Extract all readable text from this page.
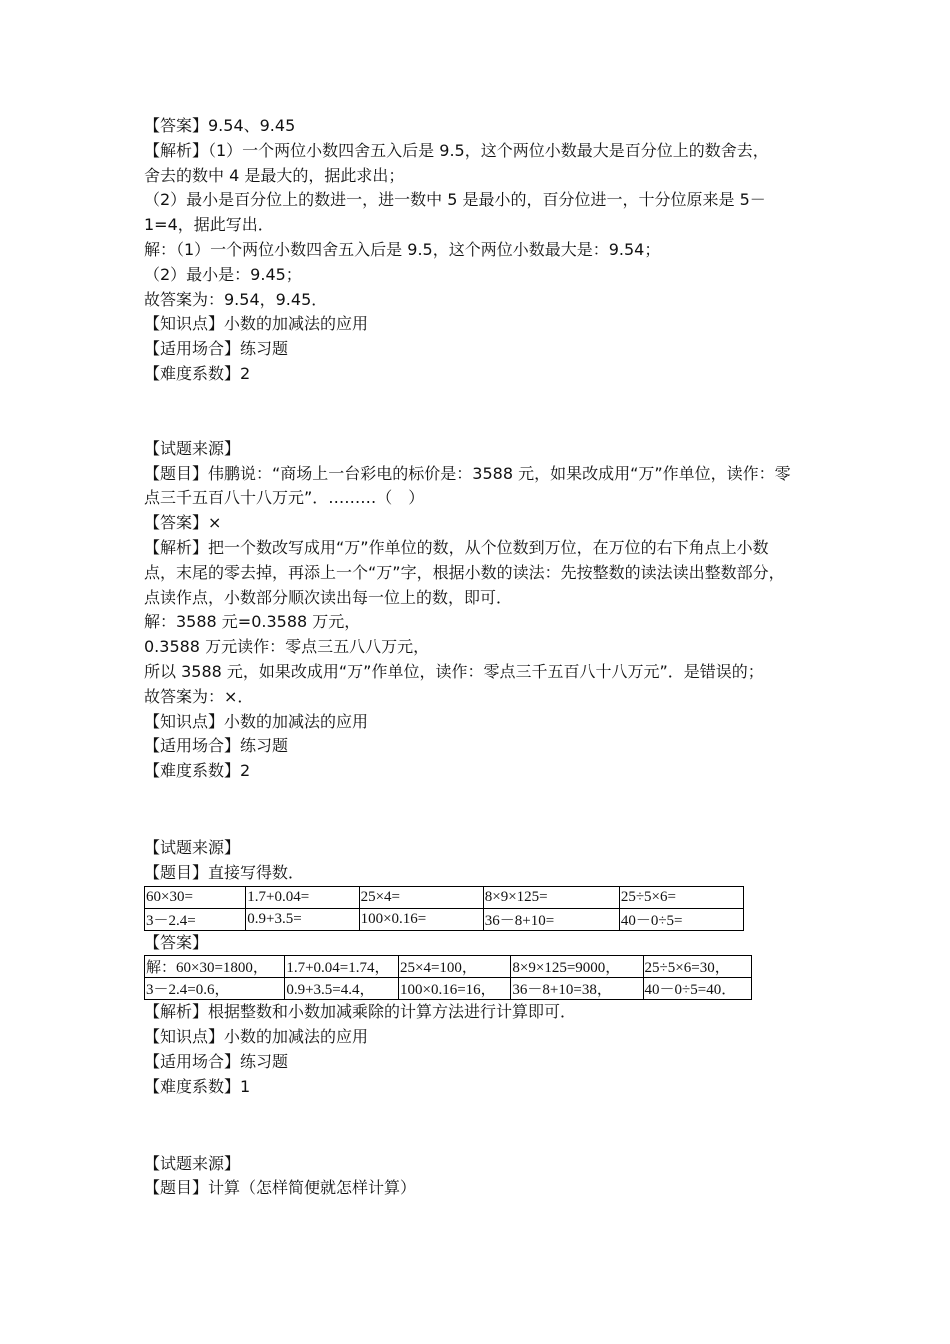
【答案】9.54、9.45
【解析】（1）一个两位小数四舍五入后是 9.5，这个两位小数最大是百分位上的数舍去，
舍去的数中 4 是最大的，据此求出；
（2）最小是百分位上的数进一，进一数中 5 是最小的，百分位进一，十分位原来是 5－
1=4，据此写出．
解：（1）一个两位小数四舍五入后是 9.5，这个两位小数最大是：9.54；
（2）最小是：9.45；
故答案为：9.54，9.45．
【知识点】小数的加减法的应用
【适用场合】练习题
【难度系数】2
【试题来源】
【题目】伟鹏说：“商场上一台彩电的标价是：3588 元，如果改成用“万”作单位，读作：零
点三千五百八十八万元”．………（　）
【答案】×
【解析】把一个数改写成用“万”作单位的数，从个位数到万位，在万位的右下角点上小数
点，末尾的零去掉，再添上一个“万”字，根据小数的读法：先按整数的读法读出整数部分，
点读作点，小数部分顺次读出每一位上的数，即可．
解：3588 元=0.3588 万元，
0.3588 万元读作：零点三五八八万元，
所以 3588 元，如果改成用“万”作单位，读作：零点三千五百八十八万元”．是错误的；
故答案为：×．
【知识点】小数的加减法的应用
【适用场合】练习题
【难度系数】2
【试题来源】
【题目】直接写得数．
60×30=	1.7+0.04=	25×4=	8×9×125=	25÷5×6=
3－2.4=	0.9+3.5=	100×0.16=	36－8+10=	40－0÷5=
【答案】
解：60×30=1800，	1.7+0.04=1.74，	25×4=100，	8×9×125=9000，	25÷5×6=30，
3－2.4=0.6，	0.9+3.5=4.4，	100×0.16=16，	36－8+10=38，	40－0÷5=40．
【解析】根据整数和小数加减乘除的计算方法进行计算即可．
【知识点】小数的加减法的应用
【适用场合】练习题
【难度系数】1
【试题来源】
【题目】计算（怎样简便就怎样计算）
